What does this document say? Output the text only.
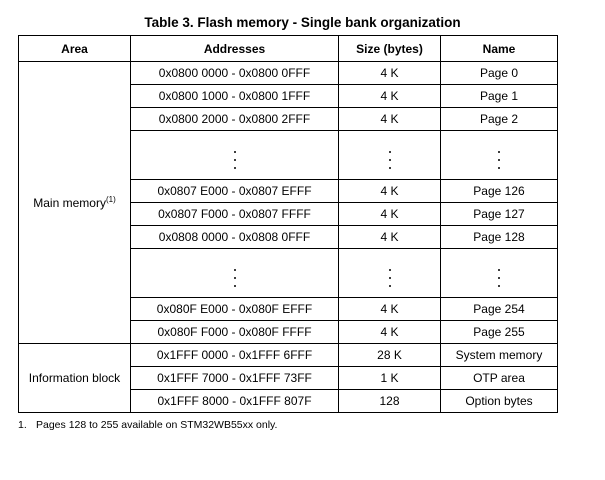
Table 3. Flash memory - Single bank organization
Area	Addresses	Size (bytes)	Name
Main memory$^{(1)}$	0x0800 0000 - 0x0800 0FFF	4 K	Page 0
	0x0800 1000 - 0x0800 1FFF	4 K	Page 1
	0x0800 2000 - 0x0800 2FFF	4 K	Page 2

	0x0807 E000 - 0x0807 EFFF	4 K	Page 126
	0x0807 F000 - 0x0807 FFFF	4 K	Page 127
	0x0808 0000 - 0x0808 0FFF	4 K	Page 128

	0x080F E000 - 0x080F EFFF	4 K	Page 254
	0x080F F000 - 0x080F FFFF	4 K	Page 255
Information block	0x1FFF 0000 - 0x1FFF 6FFF	28 K	System memory
	0x1FFF 7000 - 0x1FFF 73FF	1 K	OTP area
	0x1FFF 8000 - 0x1FFF 807F	128	Option bytes
1. Pages 128 to 255 available on STM32WB55xx only.
